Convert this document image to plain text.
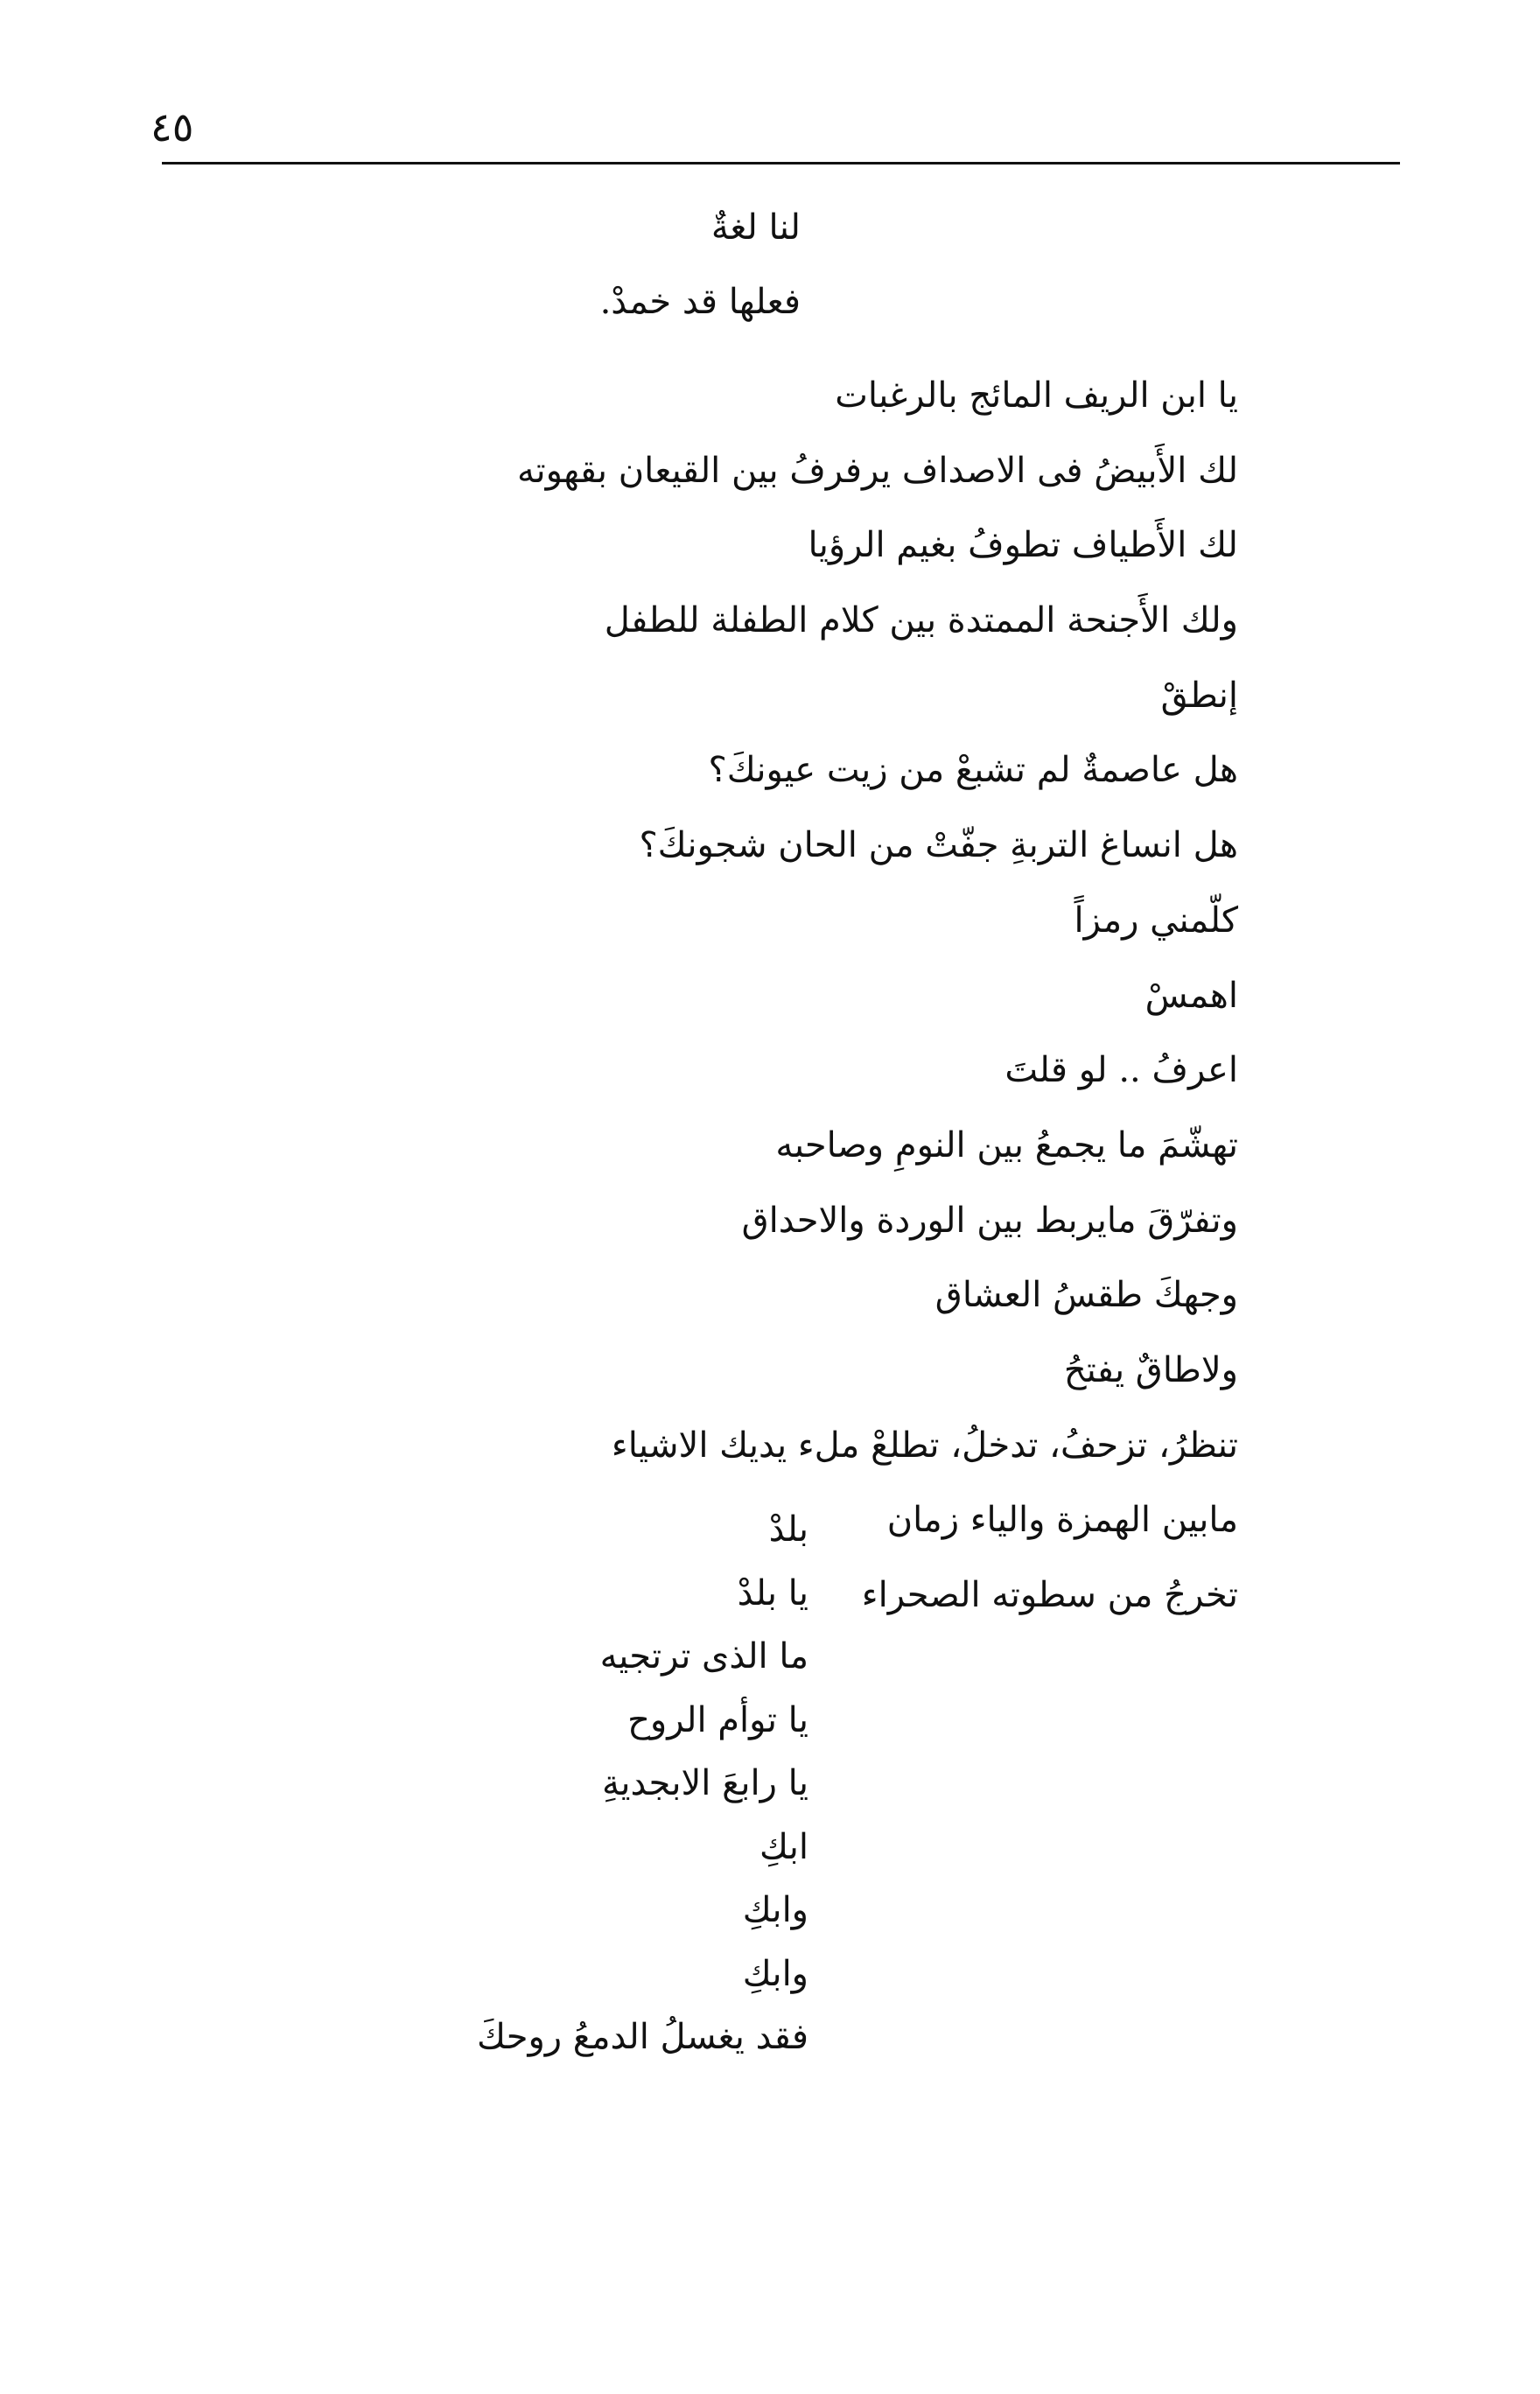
٤٥
لنا لغةٌ
فعلها قد خمدْ.
يا ابن الريف المائج بالرغبات
لك الأَبيضُ فى الاصداف يرفرفُ بين القيعان بقهوته
لك الأَطياف تطوفُ بغيم الرؤيا
ولك الأَجنحة الممتدة بين كلام الطفلة للطفل
إنطقْ
هل عاصمةٌ لم تشبعْ من زيت عيونكَ؟
هل انساغ التربةِ جفّتْ من الحان شجونكَ؟
كلّمني رمزاً
اهمسْ
اعرفُ .. لو قلتَ
تهشّمَ ما يجمعُ بين النومِ وصاحبه
وتفرّقَ مايربط بين الوردة والاحداق
وجهكَ طقسُ العشاق
ولاطاقٌ يفتحُ
تنظرُ، تزحفُ، تدخلُ، تطلعْ ملء يديك الاشياء
مابين الهمزة والياء زمان
تخرجُ من سطوته الصحراء
بلدْ
يا بلدْ
ما الذى ترتجيه
يا توأم الروح
يا رابعَ الابجديةِ
ابكِ
وابكِ
وابكِ
فقد يغسلُ الدمعُ روحكَ
